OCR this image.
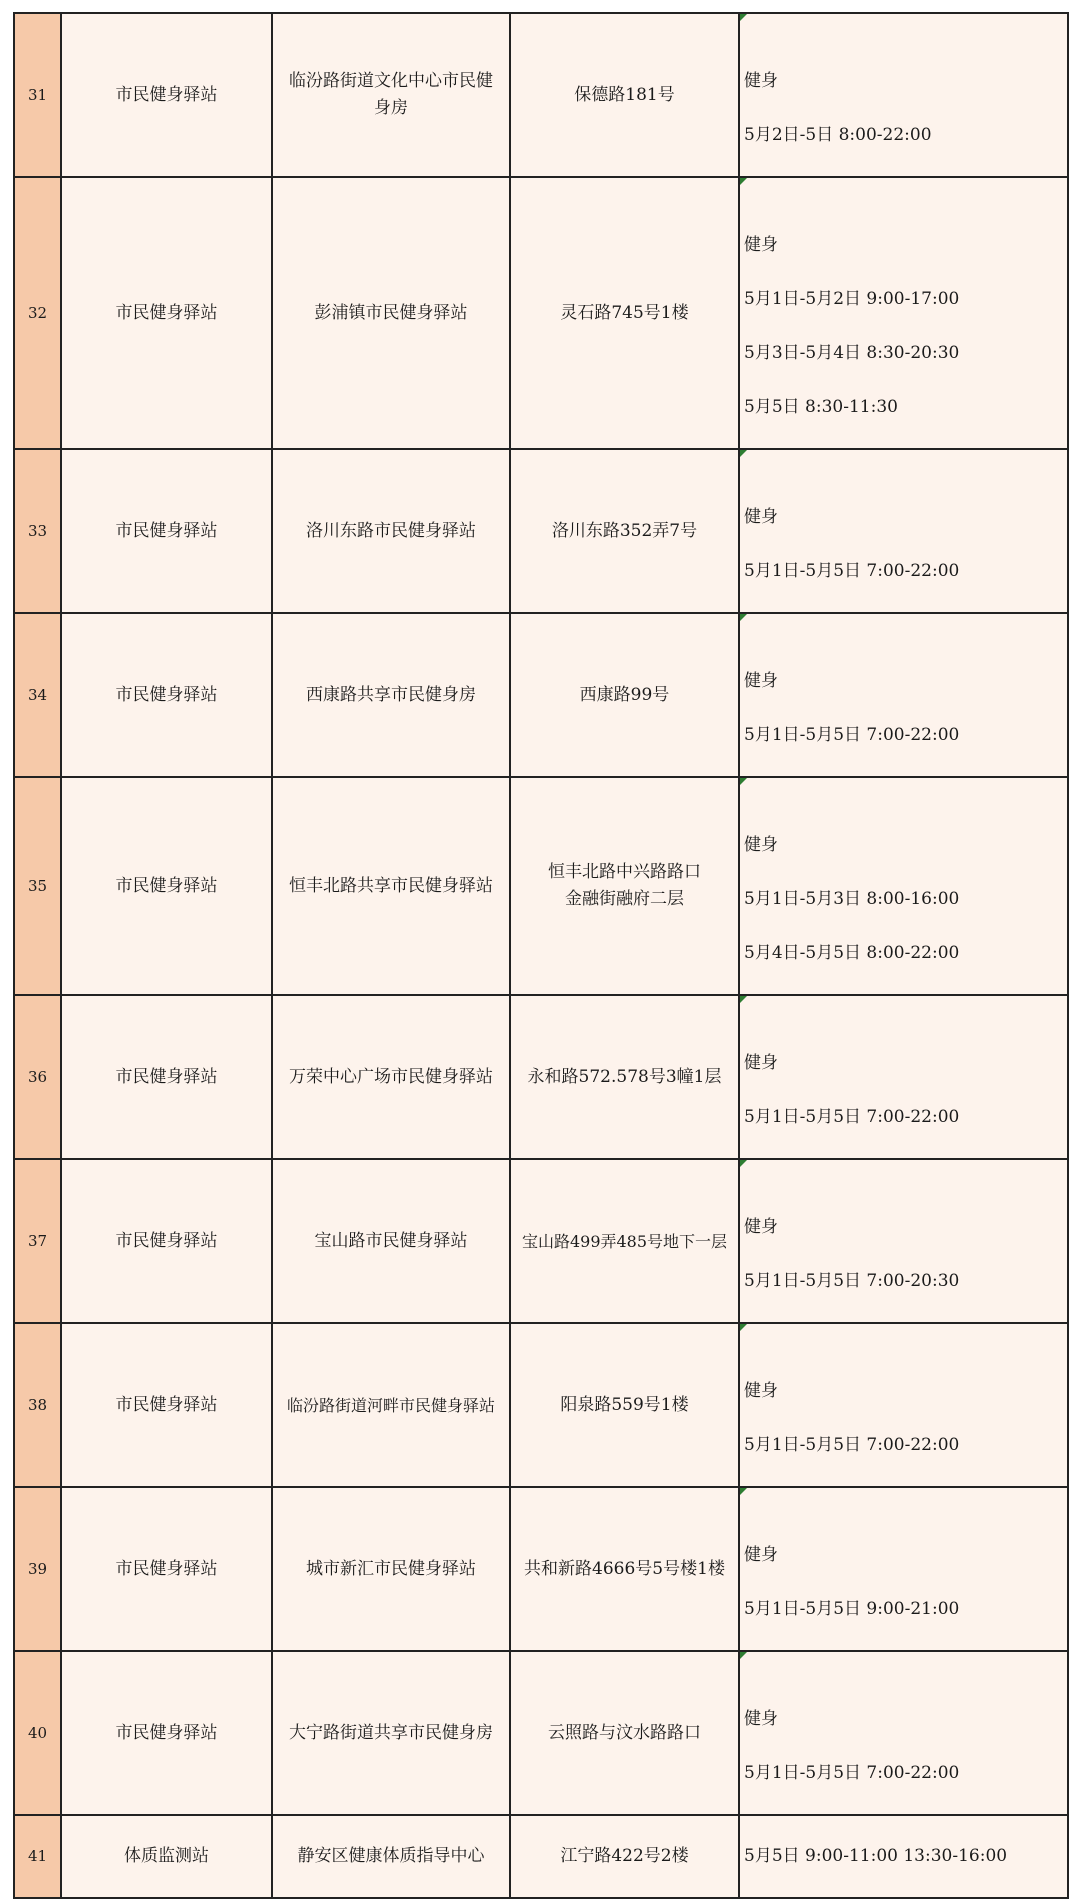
31	市民健身驿站	临汾路街道文化中心市民健
身房	保德路181号	健身

5月2日-5日 8:00-22:00

32	市民健身驿站	彭浦镇市民健身驿站	灵石路745号1楼	健身

5月1日-5月2日 9:00-17:00

5月3日-5月4日 8:30-20:30

5月5日 8:30-11:30

33	市民健身驿站	洛川东路市民健身驿站	洛川东路352弄7号	健身

5月1日-5月5日 7:00-22:00

34	市民健身驿站	西康路共享市民健身房	西康路99号	健身

5月1日-5月5日 7:00-22:00

35	市民健身驿站	恒丰北路共享市民健身驿站	恒丰北路中兴路路口
金融街融府二层	健身

5月1日-5月3日 8:00-16:00

5月4日-5月5日 8:00-22:00

36	市民健身驿站	万荣中心广场市民健身驿站	永和路572.578号3幢1层	健身

5月1日-5月5日 7:00-22:00

37	市民健身驿站	宝山路市民健身驿站	宝山路499弄485号地下一层	健身

5月1日-5月5日 7:00-20:30

38	市民健身驿站	临汾路街道河畔市民健身驿站	阳泉路559号1楼	健身

5月1日-5月5日 7:00-22:00

39	市民健身驿站	城市新汇市民健身驿站	共和新路4666号5号楼1楼	健身

5月1日-5月5日 9:00-21:00

40	市民健身驿站	大宁路街道共享市民健身房	云照路与汶水路路口	健身

5月1日-5月5日 7:00-22:00

41	体质监测站	静安区健康体质指导中心	江宁路422号2楼	5月5日 9:00-11:00 13:30-16:00
